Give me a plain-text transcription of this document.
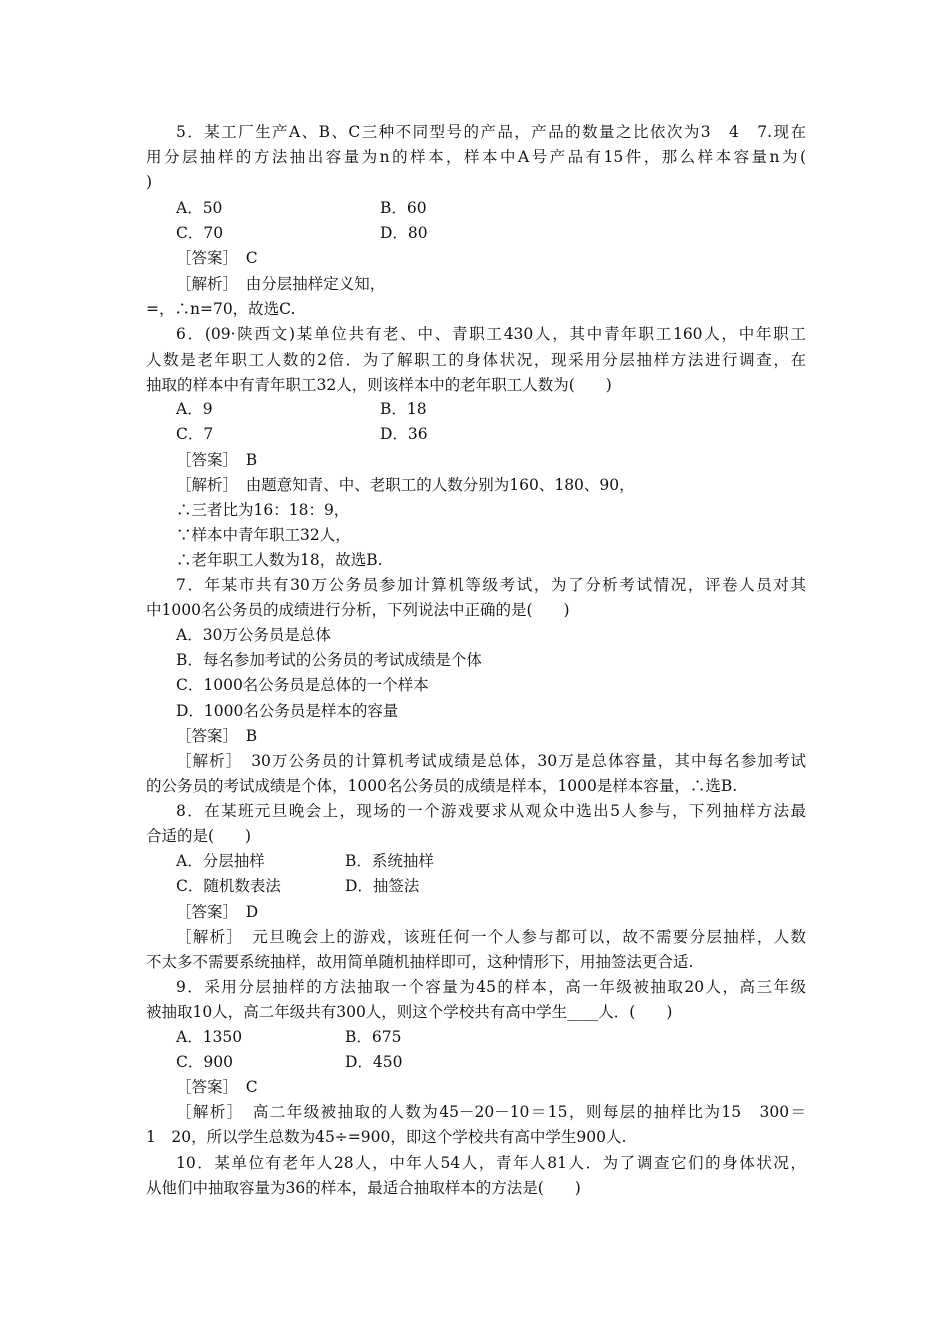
5．某工厂生产A、B、C三种不同型号的产品，产品的数量之比依次为3　4　7.现在
用分层抽样的方法抽出容量为n的样本，样本中A号产品有15件，那么样本容量n为(
)
A．50	B．60
C．70	D．80
［答案］　C
［解析］　由分层抽样定义知，
=，∴n=70，故选C.
6．(09·陕西文)某单位共有老、中、青职工430人，其中青年职工160人，中年职工
人数是老年职工人数的2倍．为了解职工的身体状况，现采用分层抽样方法进行调查，在
抽取的样本中有青年职工32人，则该样本中的老年职工人数为(　　)
A．9	B．18
C．7	D．36
［答案］　B
［解析］　由题意知青、中、老职工的人数分别为160、180、90，
∴三者比为16：18：9，
∵样本中青年职工32人，
∴老年职工人数为18，故选B.
7．年某市共有30万公务员参加计算机等级考试，为了分析考试情况，评卷人员对其
中1000名公务员的成绩进行分析，下列说法中正确的是(　　)
A．30万公务员是总体
B．每名参加考试的公务员的考试成绩是个体
C．1000名公务员是总体的一个样本
D．1000名公务员是样本的容量
［答案］　B
［解析］　30万公务员的计算机考试成绩是总体，30万是总体容量，其中每名参加考试
的公务员的考试成绩是个体，1000名公务员的成绩是样本，1000是样本容量，∴选B.
8．在某班元旦晚会上，现场的一个游戏要求从观众中选出5人参与，下列抽样方法最
合适的是(　　)
A．分层抽样	B．系统抽样
C．随机数表法	D．抽签法
［答案］　D
［解析］　元旦晚会上的游戏，该班任何一个人参与都可以，故不需要分层抽样，人数
不太多不需要系统抽样，故用简单随机抽样即可，这种情形下，用抽签法更合适.
9．采用分层抽样的方法抽取一个容量为45的样本，高一年级被抽取20人，高三年级
被抽取10人，高二年级共有300人，则这个学校共有高中学生____人．(　　)
A．1350	B．675
C．900	D．450
［答案］　C
［解析］　高二年级被抽取的人数为45－20－10＝15，则每层的抽样比为15　300＝
1　20，所以学生总数为45÷=900，即这个学校共有高中学生900人.
10．某单位有老年人28人，中年人54人，青年人81人．为了调查它们的身体状况，
从他们中抽取容量为36的样本，最适合抽取样本的方法是(　　)
